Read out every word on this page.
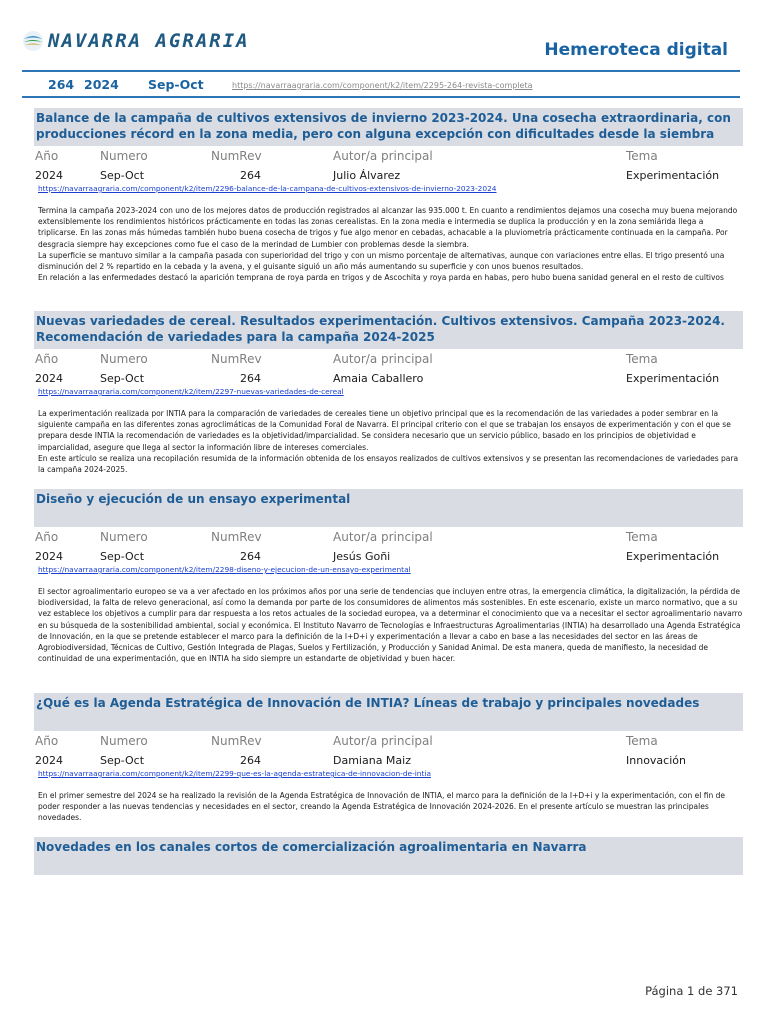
NAVARRA AGRARIA	Hemeroteca digital
264 2024 Sep-Oct	https://navarraagraria.com/component/k2/item/2295-264-revista-completa
Balance de la campaña de cultivos extensivos de invierno 2023-2024. Una cosecha extraordinaria, con producciones récord en la zona media, pero con alguna excepción con dificultades desde la siembra
Año	Numero	NumRev	Autor/a principal	Tema
2024	Sep-Oct	264	Julio Álvarez	Experimentación
https://navarraagraria.com/component/k2/item/2296-balance-de-la-campana-de-cultivos-extensivos-de-invierno-2023-2024
Termina la campaña 2023-2024 con uno de los mejores datos de producción registrados al alcanzar las 935.000 t. En cuanto a rendimientos dejamos una cosecha muy buena mejorando extensiblemente los rendimientos históricos prácticamente en todas las zonas cerealistas. En la zona media e intermedia se duplica la producción y en la zona semiárida llega a triplicarse. En las zonas más húmedas también hubo buena cosecha de trigos y fue algo menor en cebadas, achacable a la pluviometría prácticamente continuada en la campaña. Por desgracia siempre hay excepciones como fue el caso de la merindad de Lumbier con problemas desde la siembra.
La superficie se mantuvo similar a la campaña pasada con superioridad del trigo y con un mismo porcentaje de alternativas, aunque con variaciones entre ellas. El trigo presentó una disminución del 2 % repartido en la cebada y la avena, y el guisante siguió un año más aumentando su superficie y con unos buenos resultados.
En relación a las enfermedades destacó la aparición temprana de roya parda en trigos y de Ascochita y roya parda en habas, pero hubo buena sanidad general en el resto de cultivos
Nuevas variedades de cereal. Resultados experimentación. Cultivos extensivos. Campaña 2023-2024. Recomendación de variedades para la campaña 2024-2025
Año	Numero	NumRev	Autor/a principal	Tema
2024	Sep-Oct	264	Amaia Caballero	Experimentación
https://navarraagraria.com/component/k2/item/2297-nuevas-variedades-de-cereal
La experimentación realizada por INTIA para la comparación de variedades de cereales tiene un objetivo principal que es la recomendación de las variedades a poder sembrar en la siguiente campaña en las diferentes zonas agroclimáticas de la Comunidad Foral de Navarra. El principal criterio con el que se trabajan los ensayos de experimentación y con el que se prepara desde INTIA la recomendación de variedades es la objetividad/imparcialidad. Se considera necesario que un servicio público, basado en los principios de objetividad e imparcialidad, asegure que llega al sector la información libre de intereses comerciales.
En este artículo se realiza una recopilación resumida de la información obtenida de los ensayos realizados de cultivos extensivos y se presentan las recomendaciones de variedades para la campaña 2024-2025.
Diseño y ejecución de un ensayo experimental
Año	Numero	NumRev	Autor/a principal	Tema
2024	Sep-Oct	264	Jesús Goñi	Experimentación
https://navarraagraria.com/component/k2/item/2298-diseno-y-ejecucion-de-un-ensayo-experimental
El sector agroalimentario europeo se va a ver afectado en los próximos años por una serie de tendencias que incluyen entre otras, la emergencia climática, la digitalización, la pérdida de biodiversidad, la falta de relevo generacional, así como la demanda por parte de los consumidores de alimentos más sostenibles. En este escenario, existe un marco normativo, que a su vez establece los objetivos a cumplir para dar respuesta a los retos actuales de la sociedad europea, va a determinar el conocimiento que va a necesitar el sector agroalimentario navarro en su búsqueda de la sostenibilidad ambiental, social y económica. El Instituto Navarro de Tecnologías e Infraestructuras Agroalimentarias (INTIA) ha desarrollado una Agenda Estratégica de Innovación, en la que se pretende establecer el marco para la definición de la I+D+i y experimentación a llevar a cabo en base a las necesidades del sector en las áreas de Agrobiodiversidad, Técnicas de Cultivo, Gestión Integrada de Plagas, Suelos y Fertilización, y Producción y Sanidad Animal. De esta manera, queda de manifiesto, la necesidad de continuidad de una experimentación, que en INTIA ha sido siempre un estandarte de objetividad y buen hacer.
¿Qué es la Agenda Estratégica de Innovación de INTIA? Líneas de trabajo y principales novedades
Año	Numero	NumRev	Autor/a principal	Tema
2024	Sep-Oct	264	Damiana Maiz	Innovación
https://navarraagraria.com/component/k2/item/2299-que-es-la-agenda-estrategica-de-innovacion-de-intia
En el primer semestre del 2024 se ha realizado la revisión de la Agenda Estratégica de Innovación de INTIA, el marco para la definición de la I+D+i y la experimentación, con el fin de poder responder a las nuevas tendencias y necesidades en el sector, creando la Agenda Estratégica de Innovación 2024-2026. En el presente artículo se muestran las principales novedades.
Novedades en los canales cortos de comercialización agroalimentaria en Navarra
Página 1 de 371
